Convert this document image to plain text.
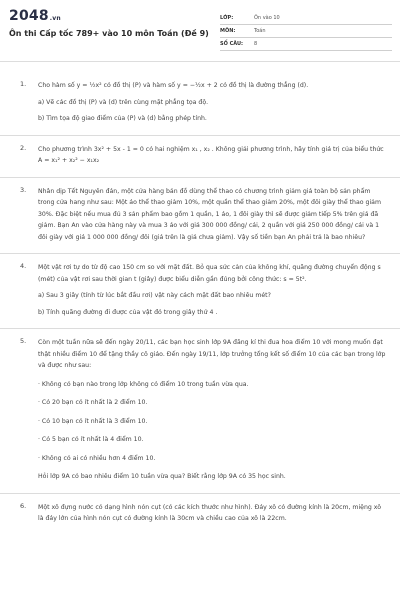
2048.vn
Ôn thi Cấp tốc 789+ vào 10 môn Toán (Đề 9)
LỚP:	Ôn vào 10
MÔN:	Toán
SỐ CÂU:	8
1. Cho hàm số y = ½x² có đồ thị (P) và hàm số y = −½x + 2 có đồ thị là đường thẳng (d).

a) Vẽ các đồ thị (P) và (d) trên cùng mặt phẳng tọa độ.

b) Tìm tọa độ giao điểm của (P) và (d) bằng phép tính.

2. Cho phương trình 3x² + 5x - 1 = 0 có hai nghiệm x₁ , x₂ . Không giải phương trình, hãy tính giá trị của biểu thức A = x₁² + x₂² − x₁x₂

3. Nhân dịp Tết Nguyên đán, một cửa hàng bán đồ dùng thể thao có chương trình giảm giá toàn bộ sản phẩm trong cửa hang như sau: Một áo thể thao giảm 10%, một quần thể thao giảm 20%, một đôi giày thể thao giảm 30%. Đặc biệt nếu mua đủ 3 sản phẩm bao gồm 1 quần, 1 áo, 1 đôi giày thì sẽ được giảm tiếp 5% trên giá đã giảm. Bạn An vào cửa hàng này và mua 3 áo với giá 300 000 đồng/ cái, 2 quần với giá 250 000 đồng/ cái và 1 đôi giày với giá 1 000 000 đồng/ đôi (giá trên là giá chưa giảm). Vậy số tiền bạn An phải trả là bao nhiêu?

4. Một vật rơi tự do từ độ cao 150 cm so với mặt đất. Bỏ qua sức cản của không khí, quãng đường chuyển động s (mét) của vật rơi sau thời gian t (giây) được biểu diễn gần đúng bởi công thức: s = 5t².

a) Sau 3 giây (tính từ lúc bắt đầu rơi) vật này cách mặt đất bao nhiêu mét?

b) Tính quãng đường đi được của vật đó trong giây thứ 4 .

5. Còn một tuần nữa sẽ đến ngày 20/11, các bạn học sinh lớp 9A đăng kí thi đua hoa điểm 10 với mong muốn đạt thật nhiều điểm 10 để tặng thầy cô giáo. Đến ngày 19/11, lớp trưởng tổng kết số điểm 10 của các bạn trong lớp và được như sau:

· Không có bạn nào trong lớp không có điểm 10 trong tuần vừa qua.

· Có 20 bạn có ít nhất là 2 điểm 10.

· Có 10 bạn có ít nhất là 3 điểm 10.

· Có 5 bạn có ít nhất là 4 điểm 10.

· Không có ai có nhiều hơn 4 điểm 10.

Hỏi lớp 9A có bao nhiêu điểm 10 tuần vừa qua? Biết rằng lớp 9A có 35 học sinh.

6. Một xô đựng nước có dạng hình nón cụt (có các kích thước như hình). Đáy xô có đường kính là 20cm, miệng xô là đáy lớn của hình nón cụt có đường kính là 30cm và chiều cao của xô là 22cm.
